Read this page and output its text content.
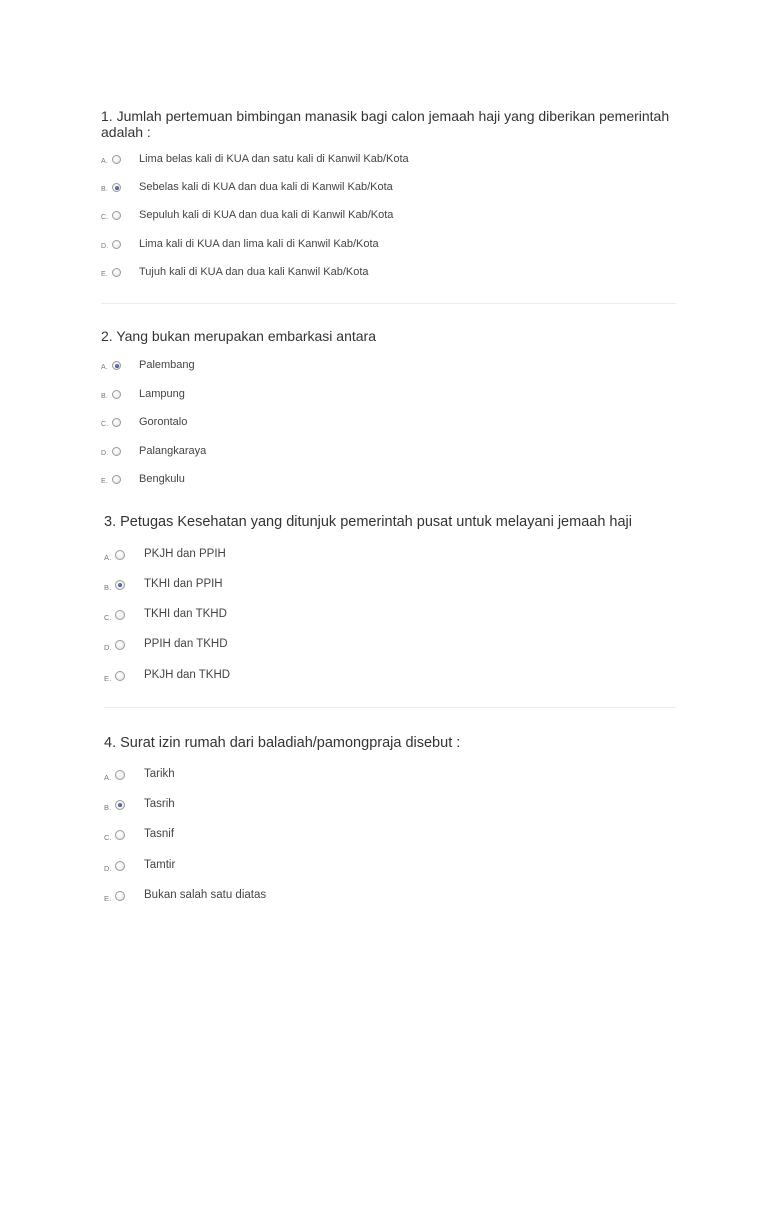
1. Jumlah pertemuan bimbingan manasik bagi calon jemaah haji yang diberikan pemerintah adalah :
A.	Lima belas kali di KUA dan satu kali di Kanwil Kab/Kota
B.	Sebelas kali di KUA dan dua kali di Kanwil Kab/Kota
C.	Sepuluh kali di KUA dan dua kali di Kanwil Kab/Kota
D.	Lima kali di KUA dan lima kali di Kanwil Kab/Kota
E.	Tujuh kali di KUA dan dua kali Kanwil Kab/Kota
2. Yang bukan merupakan embarkasi antara
A.	Palembang
B.	Lampung
C.	Gorontalo
D.	Palangkaraya
E.	Bengkulu
3. Petugas Kesehatan yang ditunjuk pemerintah pusat untuk melayani jemaah haji
A.	PKJH dan PPIH
B.	TKHI dan PPIH
C.	TKHI dan TKHD
D.	PPIH dan TKHD
E.	PKJH dan TKHD
4. Surat izin rumah dari baladiah/pamongpraja disebut :
A.	Tarikh
B.	Tasrih
C.	Tasnif
D.	Tamtir
E.	Bukan salah satu diatas
